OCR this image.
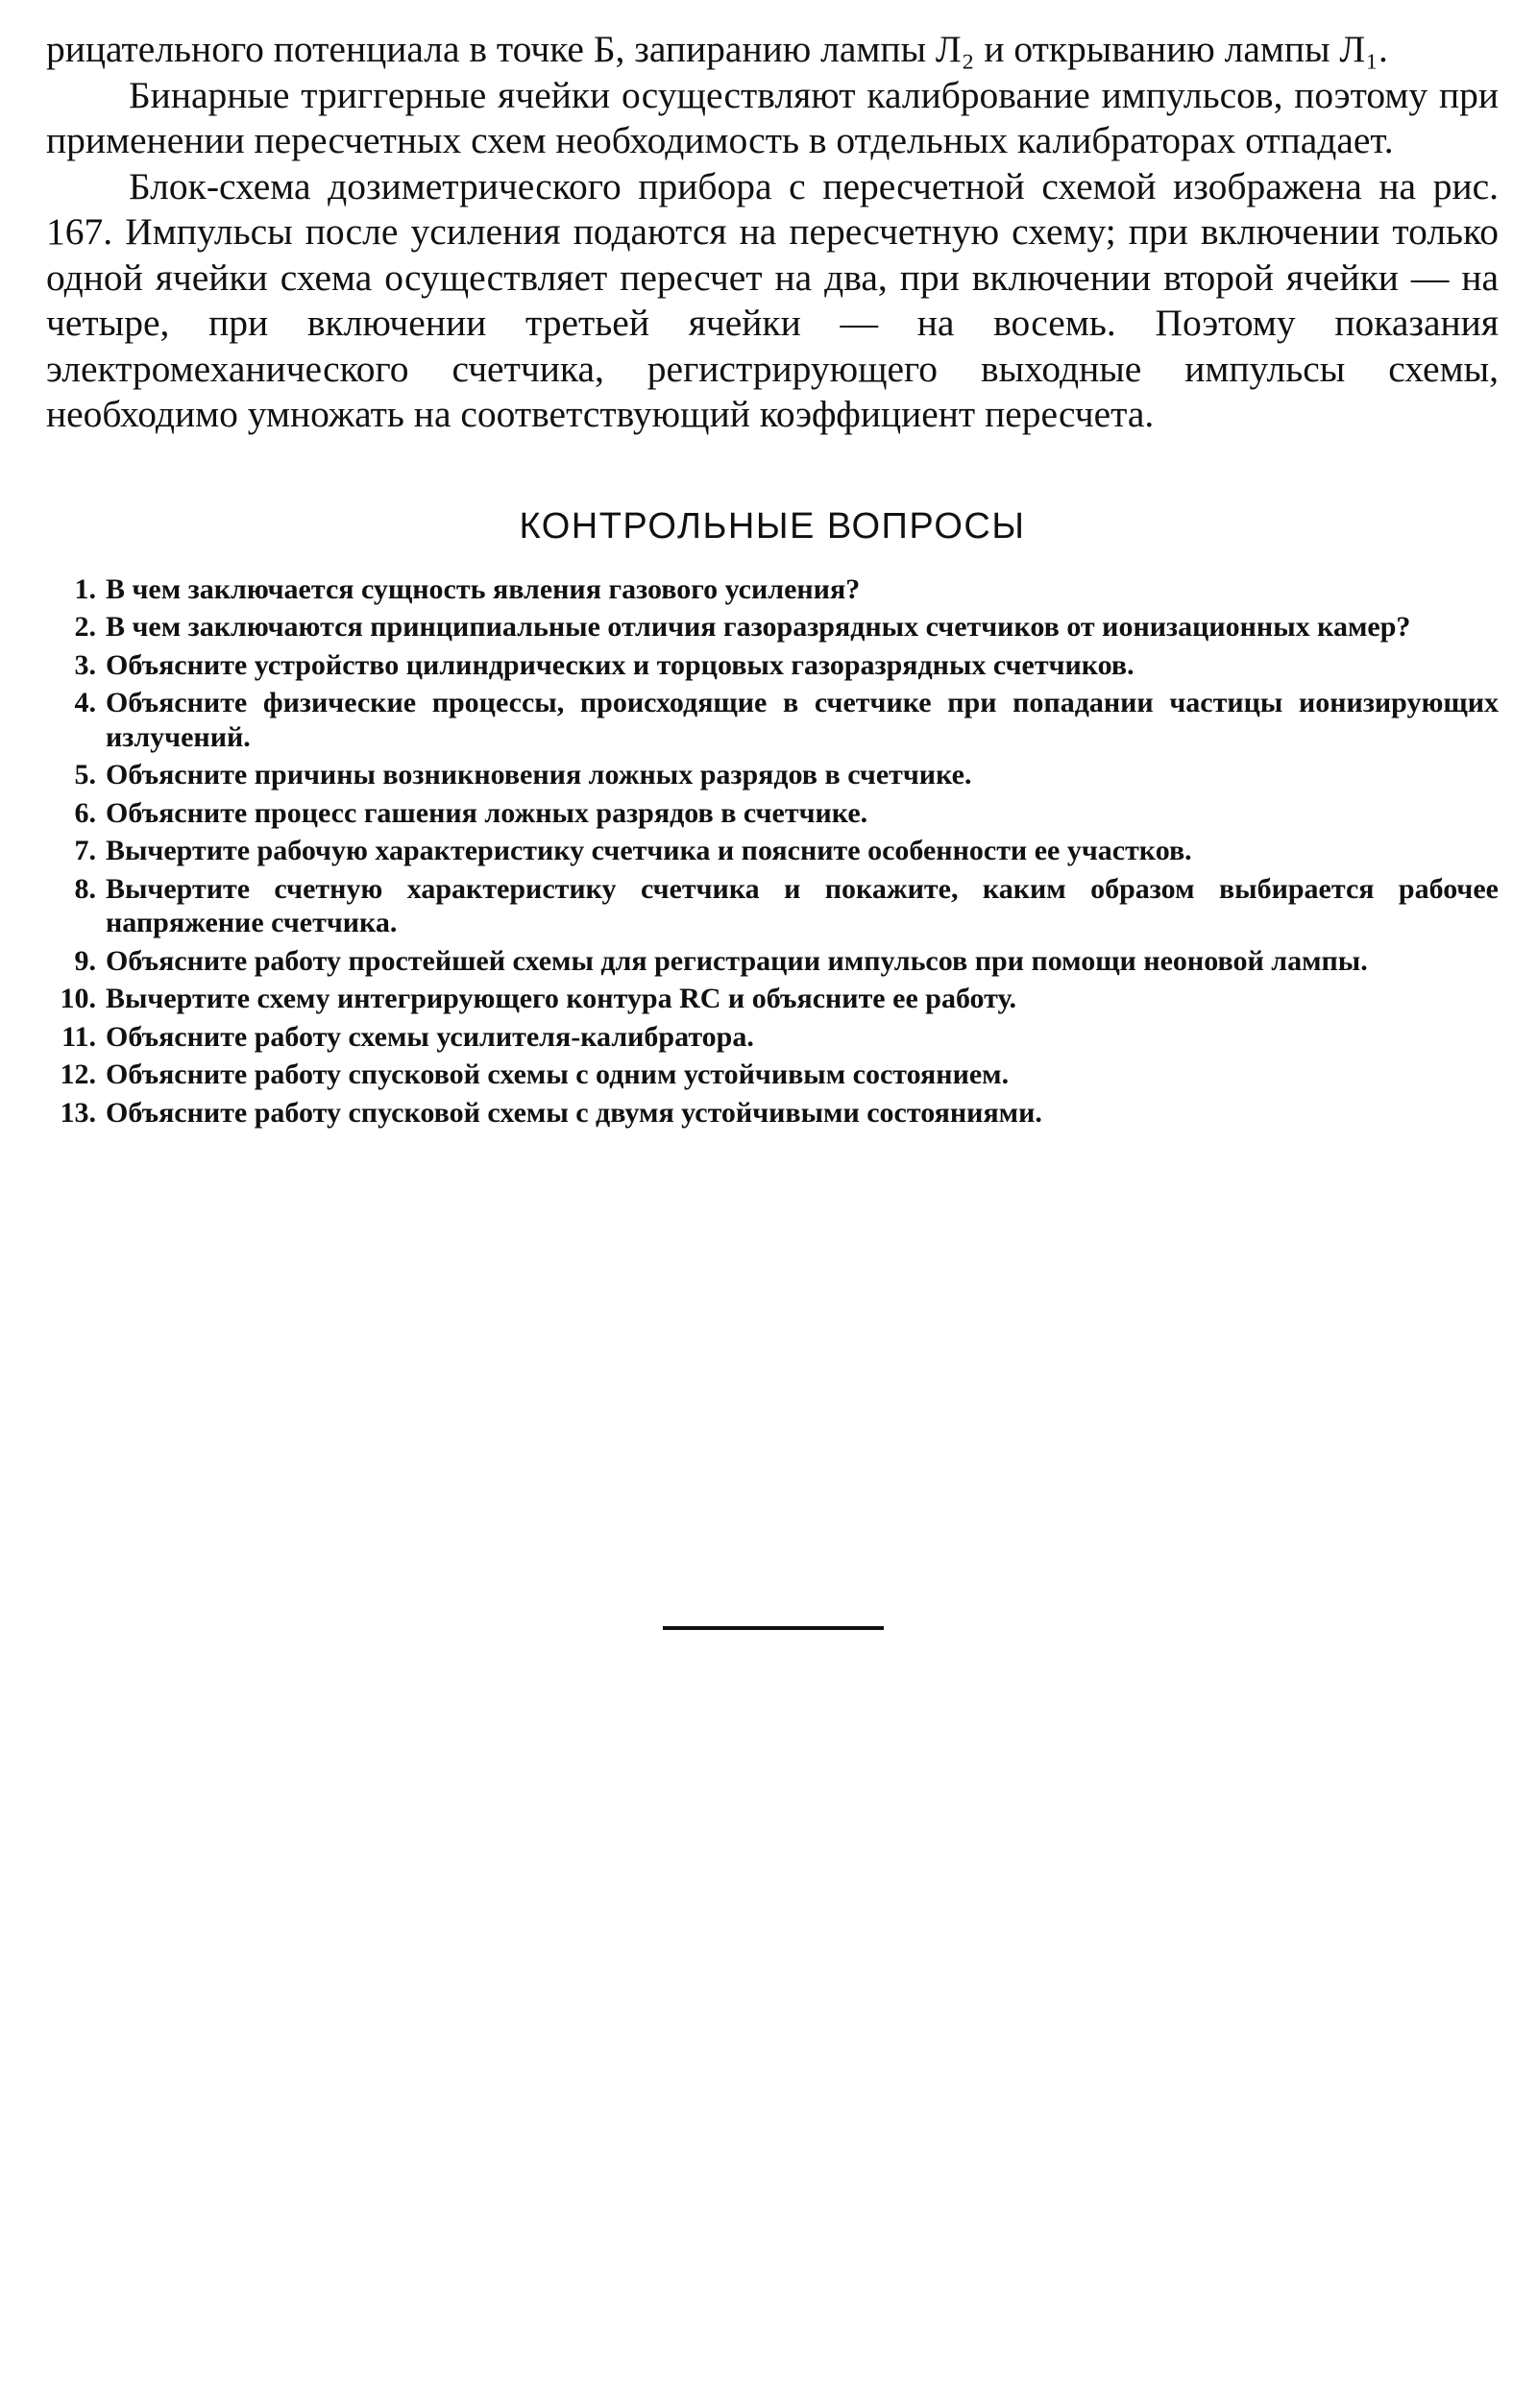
рицательного потенциала в точке Б, запиранию лампы Л₂ и открыванию лампы Л₁.

Бинарные триггерные ячейки осуществляют калибрование импульсов, поэтому при применении пересчетных схем необходимость в отдельных калибраторах отпадает.

Блок-схема дозиметрического прибора с пересчетной схемой изображена на рис. 167. Импульсы после усиления подаются на пересчетную схему; при включении только одной ячейки схема осуществляет пересчет на два, при включении второй ячейки — на четыре, при включении третьей ячейки — на восемь. Поэтому показания электромеханического счетчика, регистрирующего выходные импульсы схемы, необходимо умножать на соответствующий коэффициент пересчета.

КОНТРОЛЬНЫЕ ВОПРОСЫ
1. В чем заключается сущность явления газового усиления?
2. В чем заключаются принципиальные отличия газоразрядных счетчиков от ионизационных камер?
3. Объясните устройство цилиндрических и торцовых газоразрядных счетчиков.
4. Объясните физические процессы, происходящие в счетчике при попадании частицы ионизирующих излучений.
5. Объясните причины возникновения ложных разрядов в счетчике.
6. Объясните процесс гашения ложных разрядов в счетчике.
7. Вычертите рабочую характеристику счетчика и поясните особенности ее участков.
8. Вычертите счетную характеристику счетчика и покажите, каким образом выбирается рабочее напряжение счетчика.
9. Объясните работу простейшей схемы для регистрации импульсов при помощи неоновой лампы.
10. Вычертите схему интегрирующего контура RC и объясните ее работу.
11. Объясните работу схемы усилителя-калибратора.
12. Объясните работу спусковой схемы с одним устойчивым состоянием.
13. Объясните работу спусковой схемы с двумя устойчивыми состояниями.
